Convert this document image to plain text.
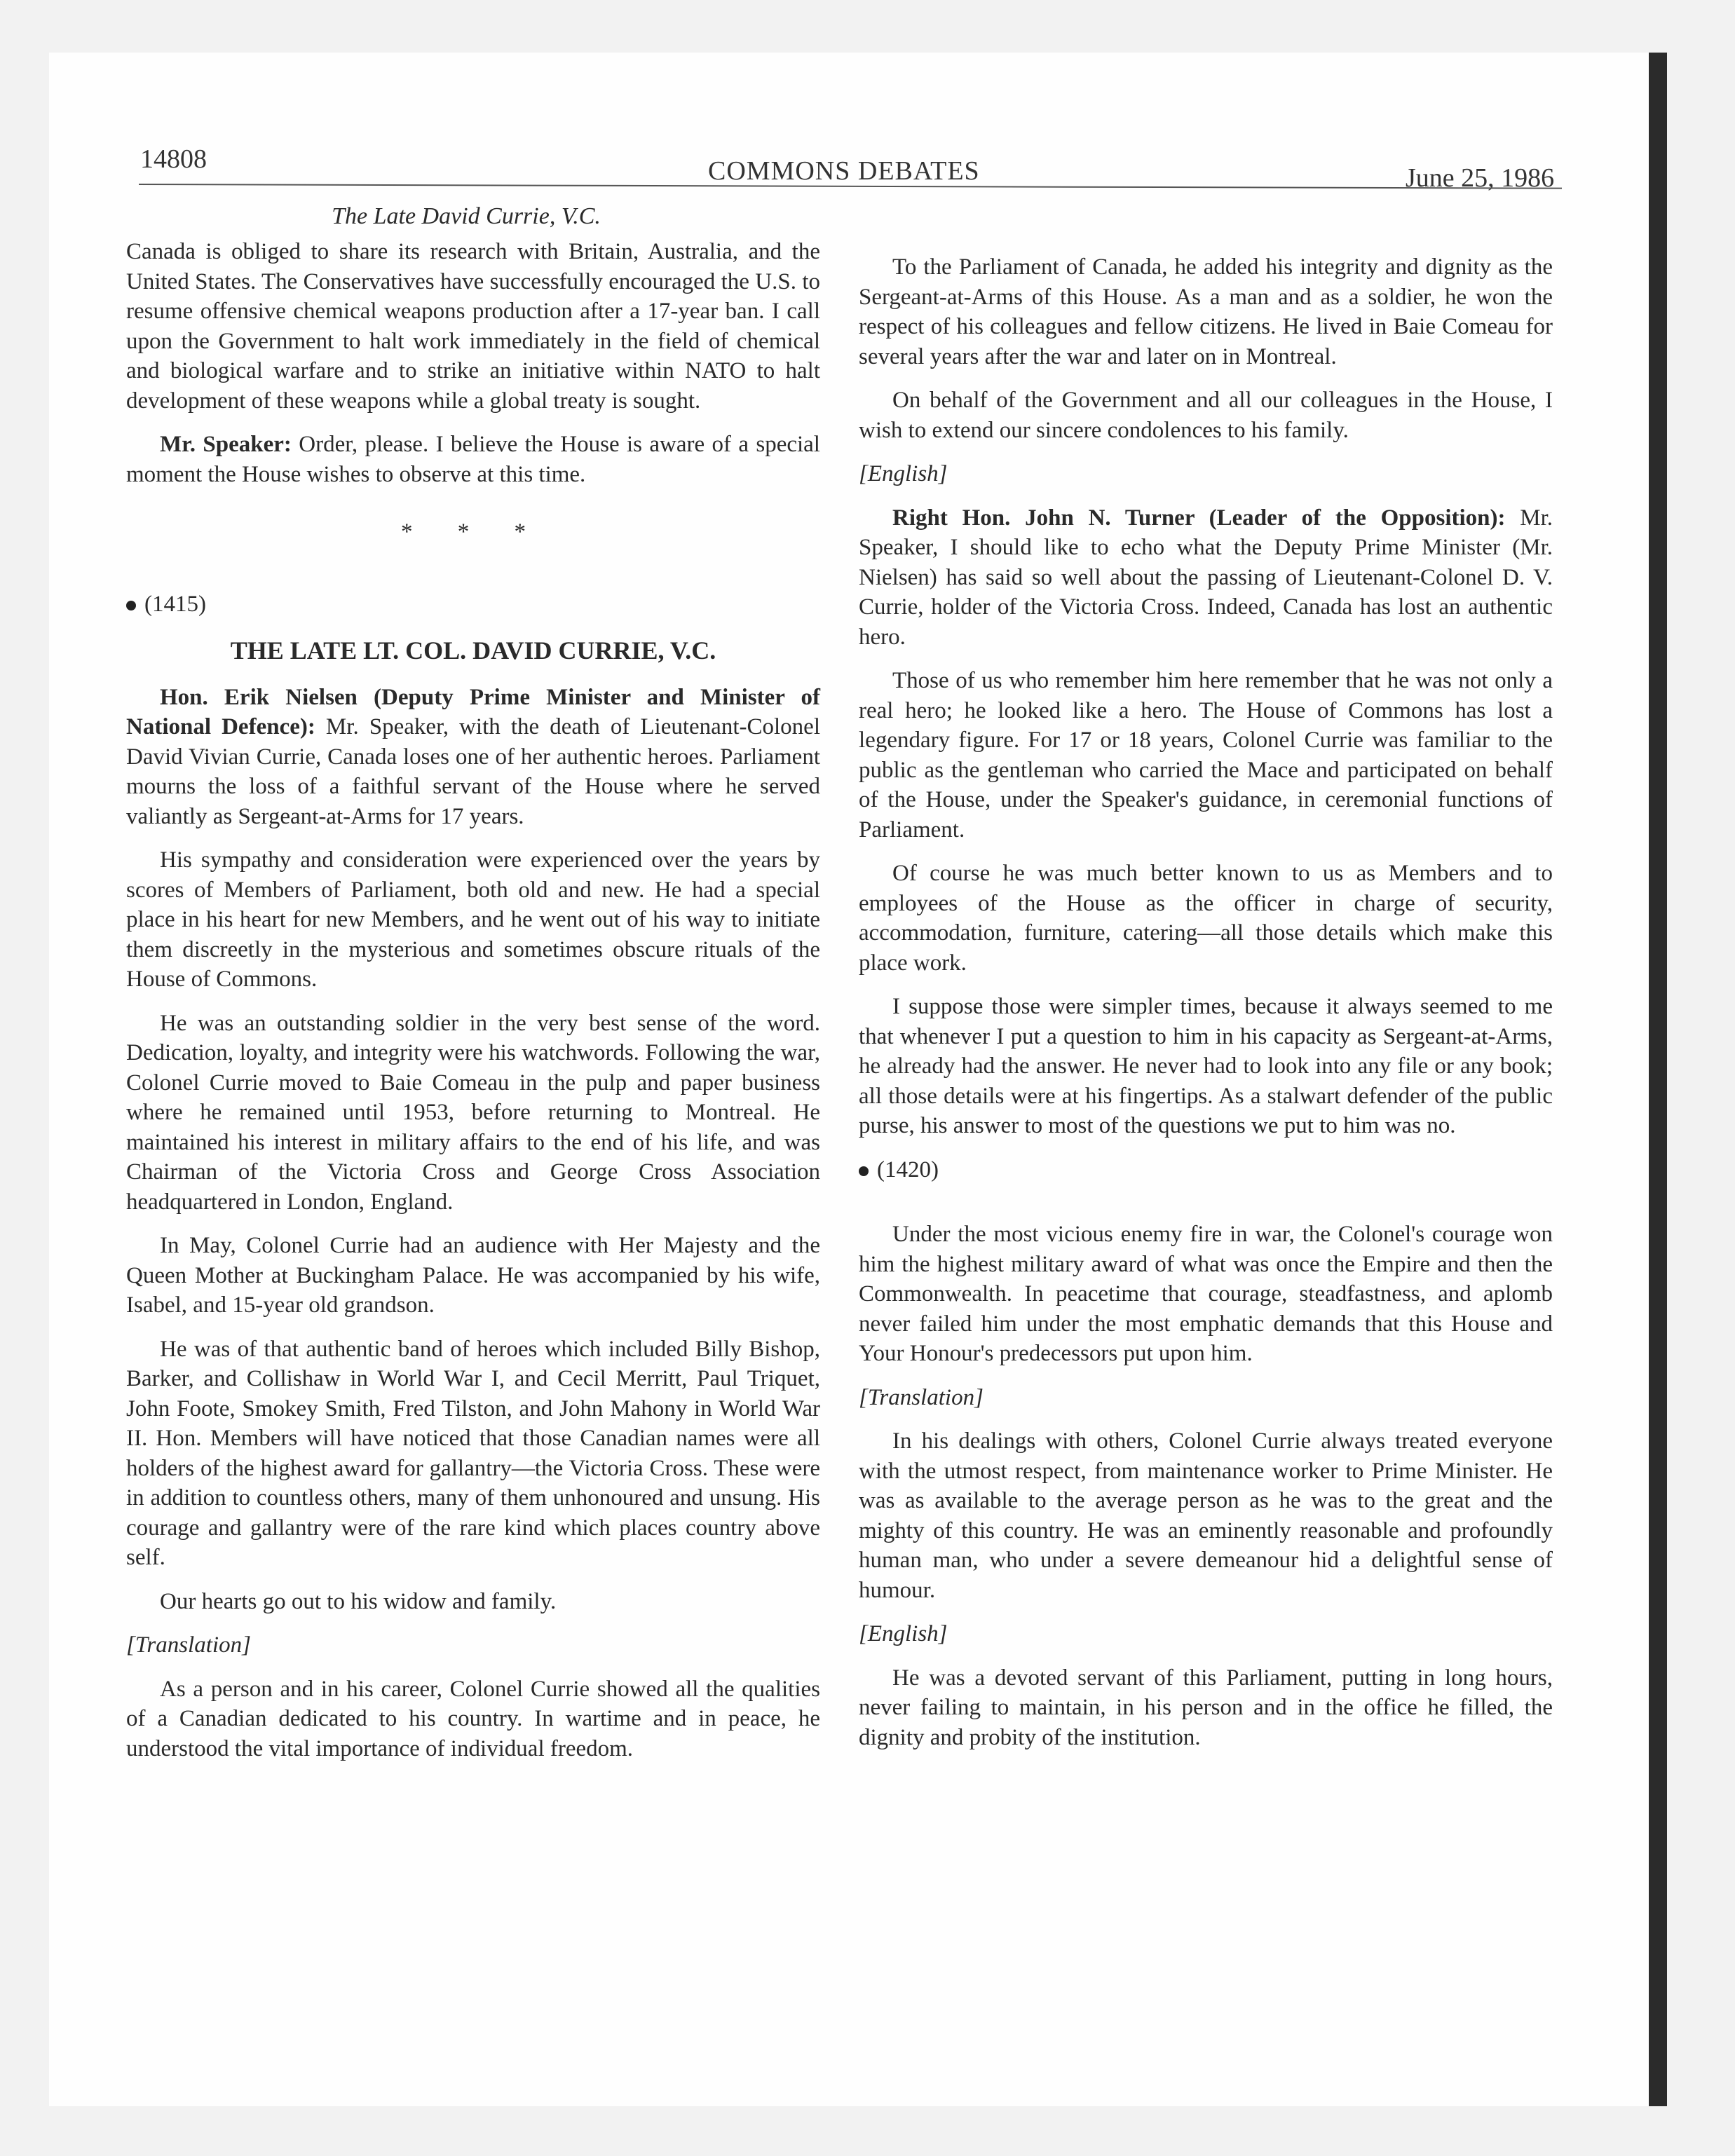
14808	COMMONS DEBATES	June 25, 1986
The Late David Currie, V.C.

Canada is obliged to share its research with Britain, Australia, and the United States. The Conservatives have successfully encouraged the U.S. to resume offensive chemical weapons production after a 17-year ban. I call upon the Government to halt work immediately in the field of chemical and biological warfare and to strike an initiative within NATO to halt development of these weapons while a global treaty is sought.

Mr. Speaker: Order, please. I believe the House is aware of a special moment the House wishes to observe at this time.

* * *
(1415)
THE LATE LT. COL. DAVID CURRIE, V.C.

Hon. Erik Nielsen (Deputy Prime Minister and Minister of National Defence): Mr. Speaker, with the death of Lieutenant-Colonel David Vivian Currie, Canada loses one of her authentic heroes. Parliament mourns the loss of a faithful servant of the House where he served valiantly as Sergeant-at-Arms for 17 years.

His sympathy and consideration were experienced over the years by scores of Members of Parliament, both old and new. He had a special place in his heart for new Members, and he went out of his way to initiate them discreetly in the mysterious and sometimes obscure rituals of the House of Commons.

He was an outstanding soldier in the very best sense of the word. Dedication, loyalty, and integrity were his watchwords. Following the war, Colonel Currie moved to Baie Comeau in the pulp and paper business where he remained until 1953, before returning to Montreal. He maintained his interest in military affairs to the end of his life, and was Chairman of the Victoria Cross and George Cross Association headquartered in London, England.

In May, Colonel Currie had an audience with Her Majesty and the Queen Mother at Buckingham Palace. He was accompanied by his wife, Isabel, and 15-year old grandson.

He was of that authentic band of heroes which included Billy Bishop, Barker, and Collishaw in World War I, and Cecil Merritt, Paul Triquet, John Foote, Smokey Smith, Fred Tilston, and John Mahony in World War II. Hon. Members will have noticed that those Canadian names were all holders of the highest award for gallantry—the Victoria Cross. These were in addition to countless others, many of them unhonoured and unsung. His courage and gallantry were of the rare kind which places country above self.

Our hearts go out to his widow and family.

[Translation]

As a person and in his career, Colonel Currie showed all the qualities of a Canadian dedicated to his country. In wartime and in peace, he understood the vital importance of individual freedom.

To the Parliament of Canada, he added his integrity and dignity as the Sergeant-at-Arms of this House. As a man and as a soldier, he won the respect of his colleagues and fellow citizens. He lived in Baie Comeau for several years after the war and later on in Montreal.

On behalf of the Government and all our colleagues in the House, I wish to extend our sincere condolences to his family.

[English]

Right Hon. John N. Turner (Leader of the Opposition): Mr. Speaker, I should like to echo what the Deputy Prime Minister (Mr. Nielsen) has said so well about the passing of Lieutenant-Colonel D. V. Currie, holder of the Victoria Cross. Indeed, Canada has lost an authentic hero.

Those of us who remember him here remember that he was not only a real hero; he looked like a hero. The House of Commons has lost a legendary figure. For 17 or 18 years, Colonel Currie was familiar to the public as the gentleman who carried the Mace and participated on behalf of the House, under the Speaker's guidance, in ceremonial functions of Parliament.

Of course he was much better known to us as Members and to employees of the House as the officer in charge of security, accommodation, furniture, catering—all those details which make this place work.

I suppose those were simpler times, because it always seemed to me that whenever I put a question to him in his capacity as Sergeant-at-Arms, he already had the answer. He never had to look into any file or any book; all those details were at his fingertips. As a stalwart defender of the public purse, his answer to most of the questions we put to him was no.

(1420)

Under the most vicious enemy fire in war, the Colonel's courage won him the highest military award of what was once the Empire and then the Commonwealth. In peacetime that courage, steadfastness, and aplomb never failed him under the most emphatic demands that this House and Your Honour's predecessors put upon him.

[Translation]

In his dealings with others, Colonel Currie always treated everyone with the utmost respect, from maintenance worker to Prime Minister. He was as available to the average person as he was to the great and the mighty of this country. He was an eminently reasonable and profoundly human man, who under a severe demeanour hid a delightful sense of humour.

[English]

He was a devoted servant of this Parliament, putting in long hours, never failing to maintain, in his person and in the office he filled, the dignity and probity of the institution.
